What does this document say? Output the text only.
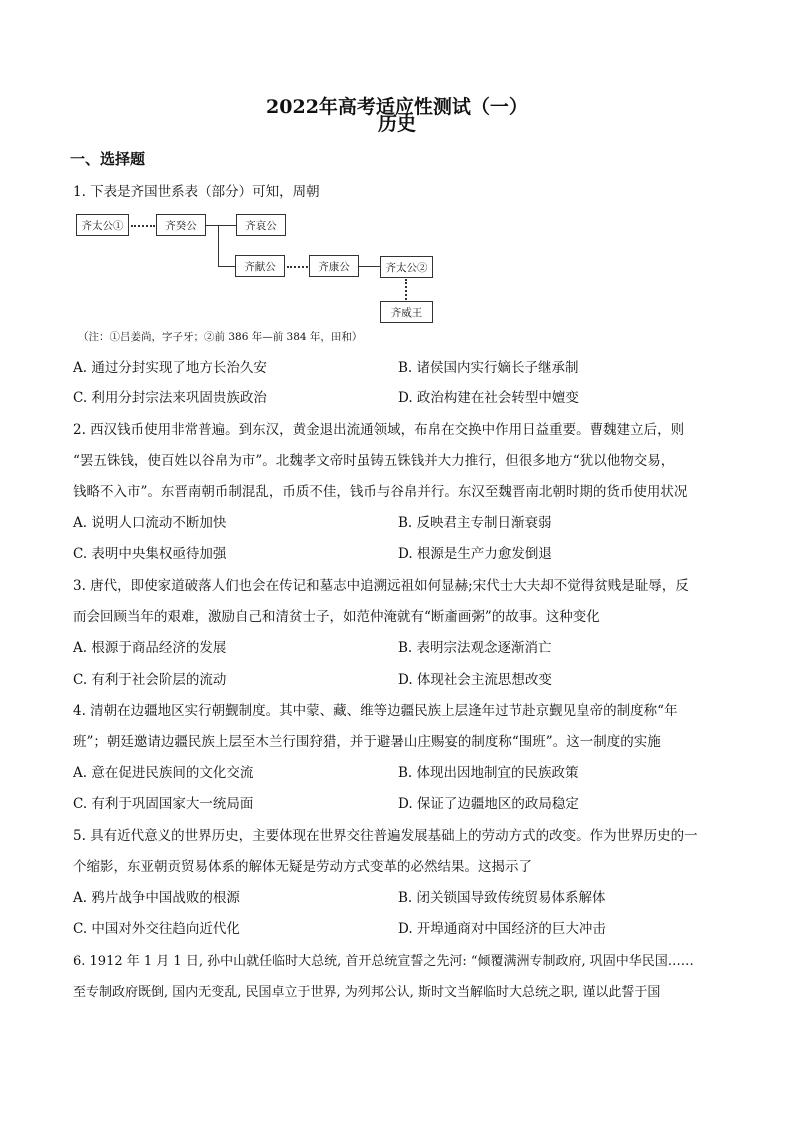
2022年高考适应性测试（一）
历史
一、选择题
1. 下表是齐国世系表（部分）可知，周朝
齐太公①	齐癸公	齐哀公
齐献公	齐康公	齐太公②
齐威王
（注：①吕姜尚，字子牙；②前 386 年—前 384 年，田和）
A. 通过分封实现了地方长治久安	B. 诸侯国内实行嫡长子继承制
C. 利用分封宗法来巩固贵族政治	D. 政治构建在社会转型中嬗变
2. 西汉钱币使用非常普遍。到东汉，黄金退出流通领域，布帛在交换中作用日益重要。曹魏建立后，则
“罢五铢钱，使百姓以谷帛为市”。北魏孝文帝时虽铸五铢钱并大力推行，但很多地方“犹以他物交易，
钱略不入市”。东晋南朝币制混乱，币质不佳，钱币与谷帛并行。东汉至魏晋南北朝时期的货币使用状况
A. 说明人口流动不断加快	B. 反映君主专制日渐衰弱
C. 表明中央集权亟待加强	D. 根源是生产力愈发倒退
3. 唐代，即使家道破落人们也会在传记和墓志中追溯远祖如何显赫;宋代士大夫却不觉得贫贱是耻辱，反
而会回顾当年的艰难，激励自己和清贫士子，如范仲淹就有“断齑画粥”的故事。这种变化
A. 根源于商品经济的发展	B. 表明宗法观念逐渐消亡
C. 有利于社会阶层的流动	D. 体现社会主流思想改变
4. 清朝在边疆地区实行朝觐制度。其中蒙、藏、维等边疆民族上层逢年过节赴京觐见皇帝的制度称“年
班”；朝廷邀请边疆民族上层至木兰行围狩猎，并于避暑山庄赐宴的制度称“围班”。这一制度的实施
A. 意在促进民族间的文化交流	B. 体现出因地制宜的民族政策
C. 有利于巩固国家大一统局面	D. 保证了边疆地区的政局稳定
5. 具有近代意义的世界历史，主要体现在世界交往普遍发展基础上的劳动方式的改变。作为世界历史的一
个缩影，东亚朝贡贸易体系的解体无疑是劳动方式变革的必然结果。这揭示了
A. 鸦片战争中国战败的根源	B. 闭关锁国导致传统贸易体系解体
C. 中国对外交往趋向近代化	D. 开埠通商对中国经济的巨大冲击
6. 1912 年 1 月 1 日, 孙中山就任临时大总统, 首开总统宣誓之先河: “倾覆满洲专制政府, 巩固中华民国……
至专制政府既倒, 国内无变乱, 民国卓立于世界, 为列邦公认, 斯时文当解临时大总统之职, 谨以此誓于国
